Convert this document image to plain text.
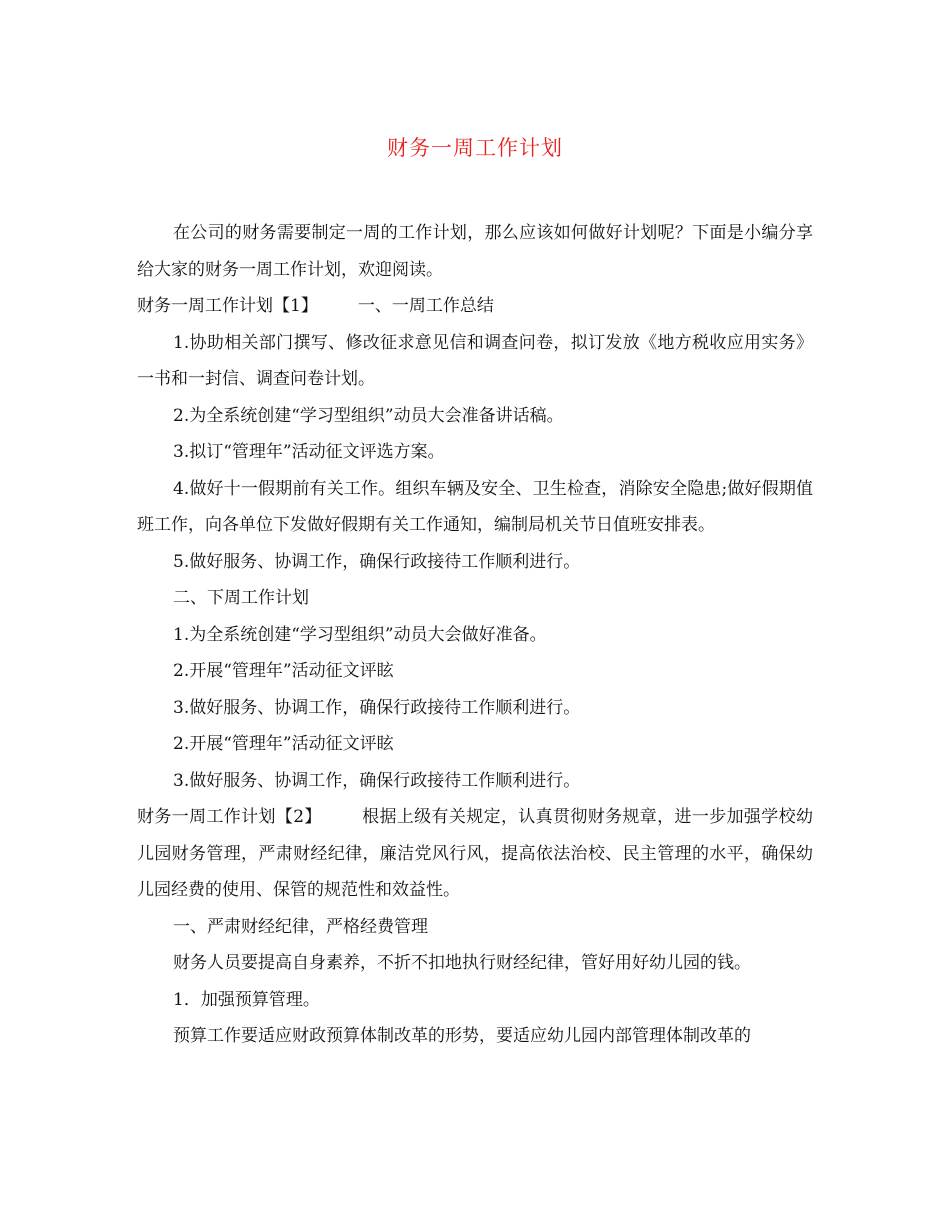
财务一周工作计划

在公司的财务需要制定一周的工作计划，那么应该如何做好计划呢？下面是小编分享给大家的财务一周工作计划，欢迎阅读。

财务一周工作计划【1】 一、一周工作总结

1.协助相关部门撰写、修改征求意见信和调查问卷，拟订发放《地方税收应用实务》一书和一封信、调查问卷计划。

2.为全系统创建“学习型组织”动员大会准备讲话稿。

3.拟订“管理年”活动征文评选方案。

4.做好十一假期前有关工作。组织车辆及安全、卫生检查，消除安全隐患;做好假期值班工作，向各单位下发做好假期有关工作通知，编制局机关节日值班安排表。

5.做好服务、协调工作，确保行政接待工作顺利进行。

二、下周工作计划

1.为全系统创建“学习型组织”动员大会做好准备。

2.开展“管理年”活动征文评眩

3.做好服务、协调工作，确保行政接待工作顺利进行。

2.开展“管理年”活动征文评眩

3.做好服务、协调工作，确保行政接待工作顺利进行。

财务一周工作计划【2】 根据上级有关规定，认真贯彻财务规章，进一步加强学校幼儿园财务管理，严肃财经纪律，廉洁党风行风，提高依法治校、民主管理的水平，确保幼儿园经费的使用、保管的规范性和效益性。

一、严肃财经纪律，严格经费管理

财务人员要提高自身素养，不折不扣地执行财经纪律，管好用好幼儿园的钱。

1．加强预算管理。

预算工作要适应财政预算体制改革的形势，要适应幼儿园内部管理体制改革的
